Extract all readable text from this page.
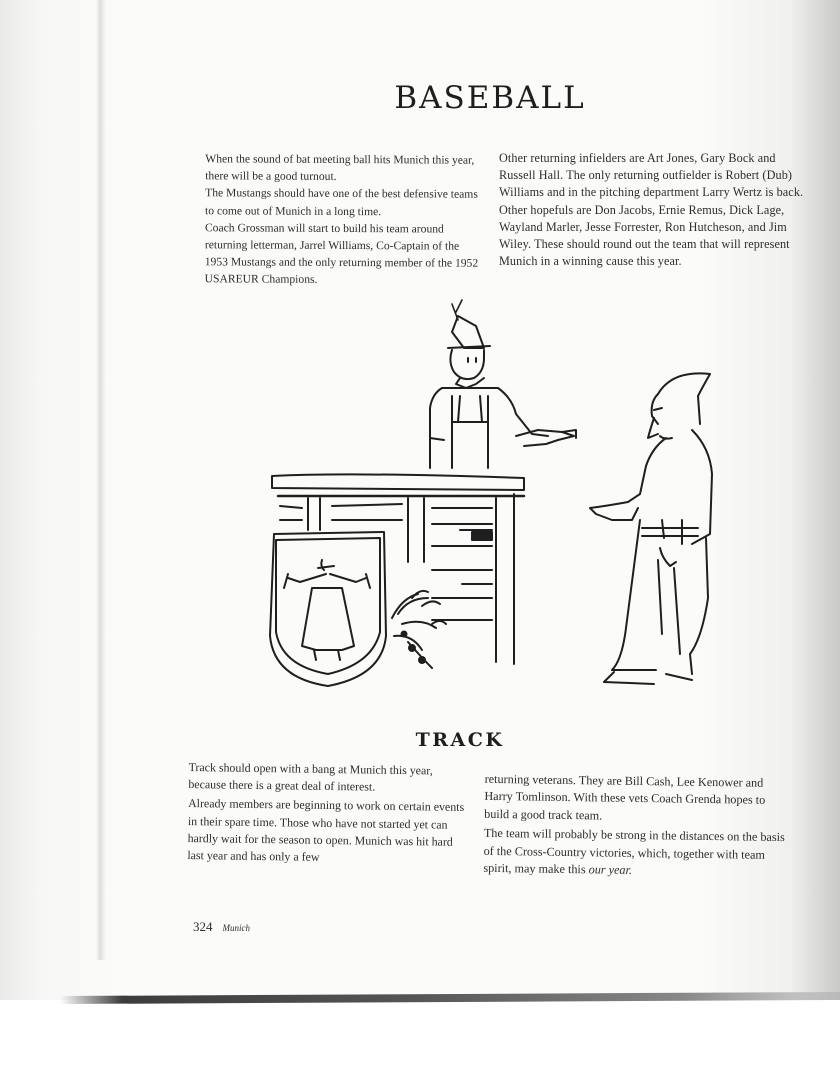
BASEBALL

When the sound of bat meeting ball hits Munich this year, there will be a good turnout.

The Mustangs should have one of the best defensive teams to come out of Munich in a long time.

Coach Grossman will start to build his team around returning letterman, Jarrel Williams, Co-Captain of the 1953 Mustangs and the only returning member of the 1952 USAREUR Champions.

Other returning infielders are Art Jones, Gary Bock and Russell Hall. The only returning outfielder is Robert (Dub) Williams and in the pitching department Larry Wertz is back. Other hopefuls are Don Jacobs, Ernie Remus, Dick Lage, Wayland Marler, Jesse Forrester, Ron Hutcheson, and Jim Wiley. These should round out the team that will represent Munich in a winning cause this year.

TRACK

Track should open with a bang at Munich this year, because there is a great deal of interest.

Already members are beginning to work on certain events in their spare time. Those who have not started yet can hardly wait for the season to open. Munich was hit hard last year and has only a few

returning veterans. They are Bill Cash, Lee Kenower and Harry Tomlinson. With these vets Coach Grenda hopes to build a good track team.

The team will probably be strong in the distances on the basis of the Cross-Country victories, which, together with team spirit, may make this our year.

324 Munich
